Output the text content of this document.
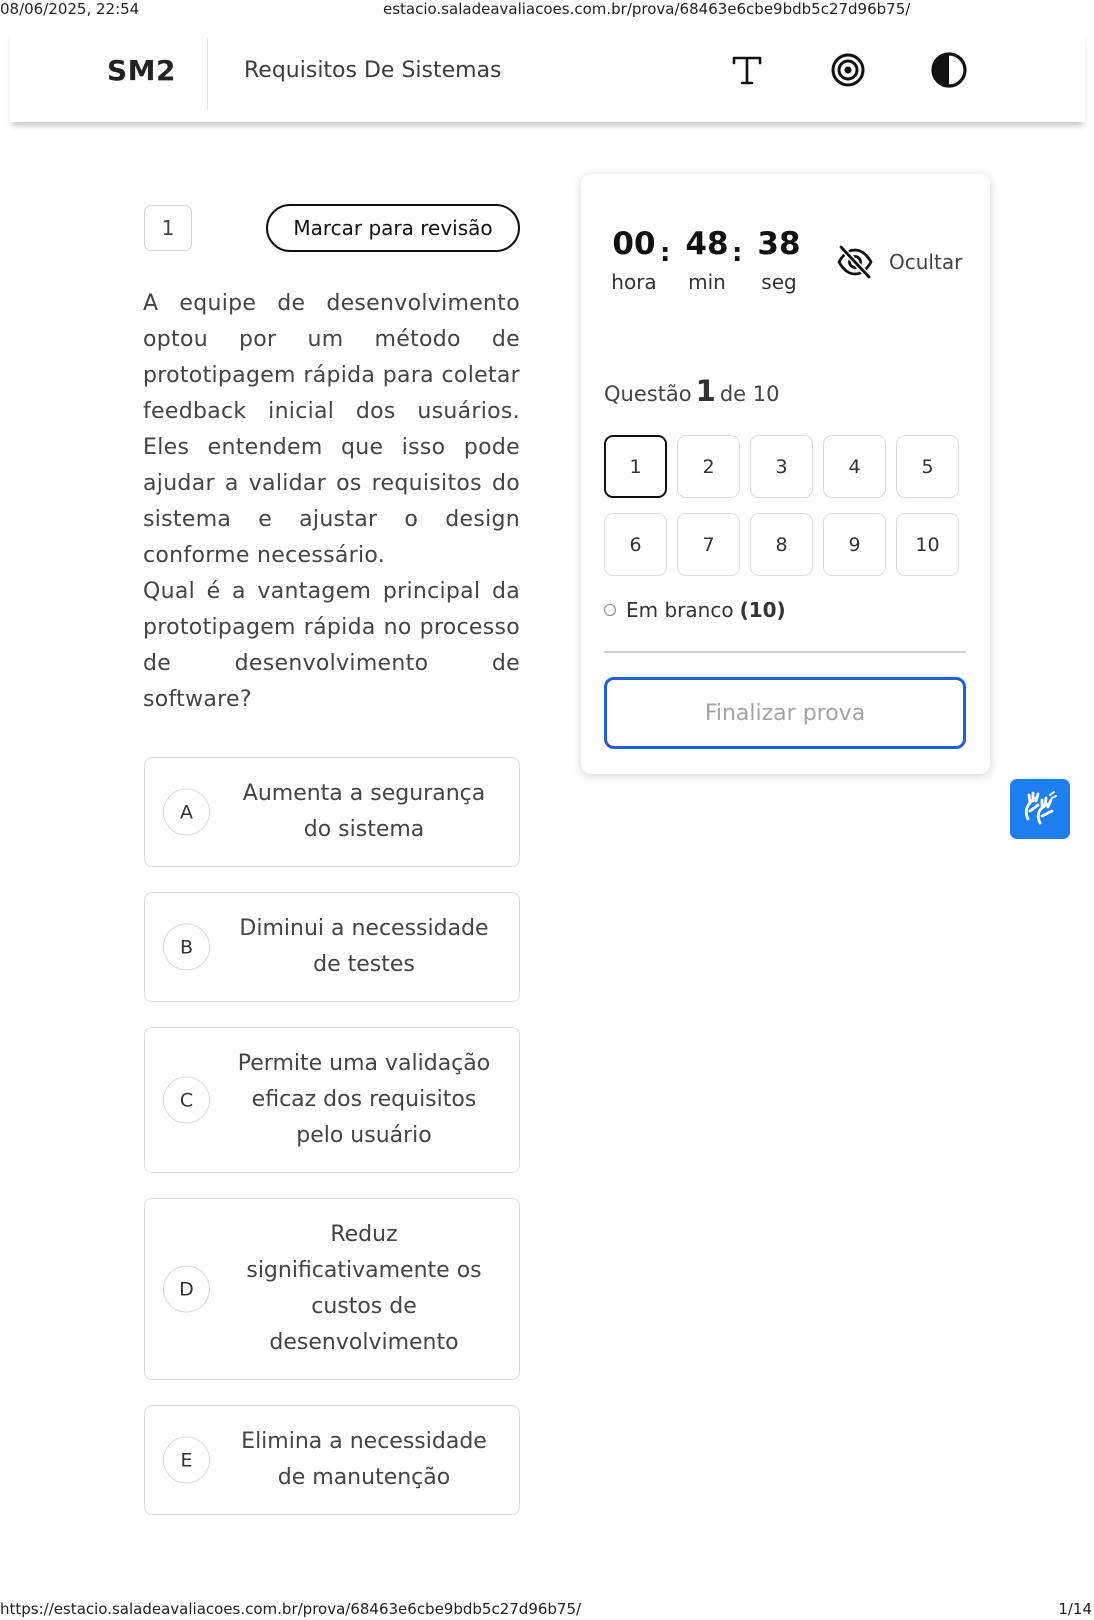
08/06/2025, 22:54	estacio.saladeavaliacoes.com.br/prova/68463e6cbe9bdb5c27d96b75/
SM2	Requisitos De Sistemas
1	Marcar para revisão

A equipe de desenvolvimento optou por um método de prototipagem rápida para coletar feedback inicial dos usuários. Eles entendem que isso pode ajudar a validar os requisitos do sistema e ajustar o design conforme necessário.

Qual é a vantagem principal da prototipagem rápida no processo de desenvolvimento de software?

A
Aumenta a segurança do sistema
B
Diminui a necessidade de testes
C
Permite uma validação eficaz dos requisitos pelo usuário
D
Reduz significativamente os custos de desenvolvimento
E
Elimina a necessidade de manutenção
00
hora
: 48
min
: 38
seg
Ocultar
Questão 1 de 10
1	2	3	4	5
6	7	8	9	10
Em branco (10)
Finalizar prova
https://estacio.saladeavaliacoes.com.br/prova/68463e6cbe9bdb5c27d96b75/	1/14
